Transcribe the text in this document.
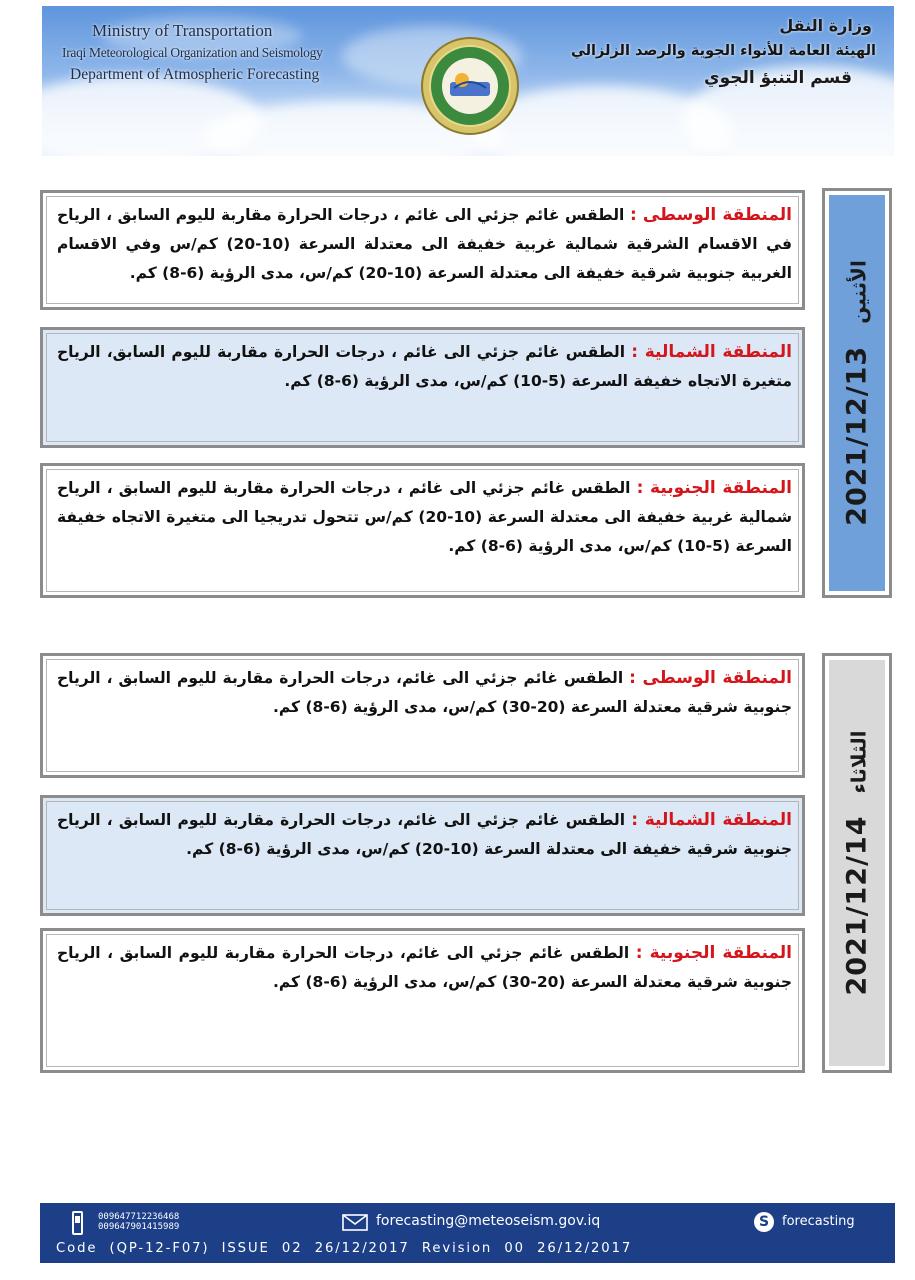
Ministry of Transportation
Iraqi Meteorological Organization and Seismology
Department of Atmospheric Forecasting
وزارة النقل
الهيئة العامة للأنواء الجوية والرصد الزلزالي
قسم التنبؤ الجوي
المنطقة الوسطى : الطقس غائم جزئي الى غائم ، درجات الحرارة مقاربة لليوم السابق ، الرياح في الاقسام الشرقية شمالية غربية خفيفة الى معتدلة السرعة (10-20) كم/س وفي الاقسام الغربية جنوبية شرقية خفيفة الى معتدلة السرعة (10-20) كم/س، مدى الرؤية (6-8) كم.
المنطقة الشمالية : الطقس غائم جزئي الى غائم ، درجات الحرارة مقاربة لليوم السابق، الرياح متغيرة الاتجاه خفيفة السرعة (5-10) كم/س، مدى الرؤية (6-8) كم.
المنطقة الجنوبية : الطقس غائم جزئي الى غائم ، درجات الحرارة مقاربة لليوم السابق ، الرياح شمالية غربية خفيفة الى معتدلة السرعة (10-20) كم/س تتحول تدريجيا الى متغيرة الاتجاه خفيفة السرعة (5-10) كم/س، مدى الرؤية (6-8) كم.
2021/12/13الأثنين
المنطقة الوسطى : الطقس غائم جزئي الى غائم، درجات الحرارة مقاربة لليوم السابق ، الرياح جنوبية شرقية معتدلة السرعة (20-30) كم/س، مدى الرؤية (6-8) كم.
المنطقة الشمالية : الطقس غائم جزئي الى غائم، درجات الحرارة مقاربة لليوم السابق ، الرياح جنوبية شرقية خفيفة الى معتدلة السرعة (10-20) كم/س، مدى الرؤية (6-8) كم.
المنطقة الجنوبية : الطقس غائم جزئي الى غائم، درجات الحرارة مقاربة لليوم السابق ، الرياح جنوبية شرقية معتدلة السرعة (20-30) كم/س، مدى الرؤية (6-8) كم. 2021/12/14الثلاثاء
009647712236468
009647901415989	forecasting@meteoseism.gov.iq	S forecasting
Code  (QP-12-F07)  ISSUE  02  26/12/2017  Revision  00  26/12/2017
